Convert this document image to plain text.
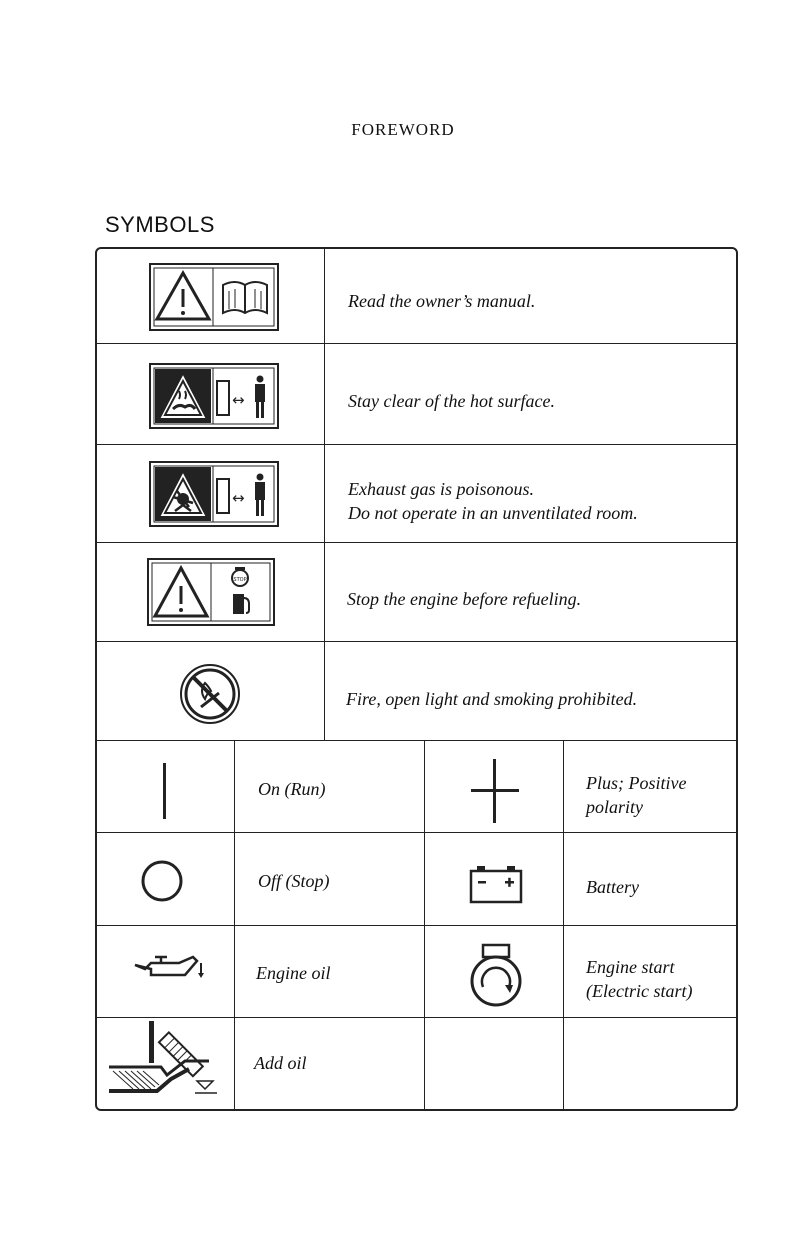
FOREWORD
SYMBOLS
Read the owner’s manual.
↔	Stay clear of the hot surface.
↔	Exhaust gas is poisonous.
Do not operate in an unventilated room.
STOP
Stop the engine before refueling.
Fire, open light and smoking prohibited.
On (Run)	Plus; Positive
polarity
Off (Stop)	Battery
Engine oil	Engine start
(Electric start)
Add oil
